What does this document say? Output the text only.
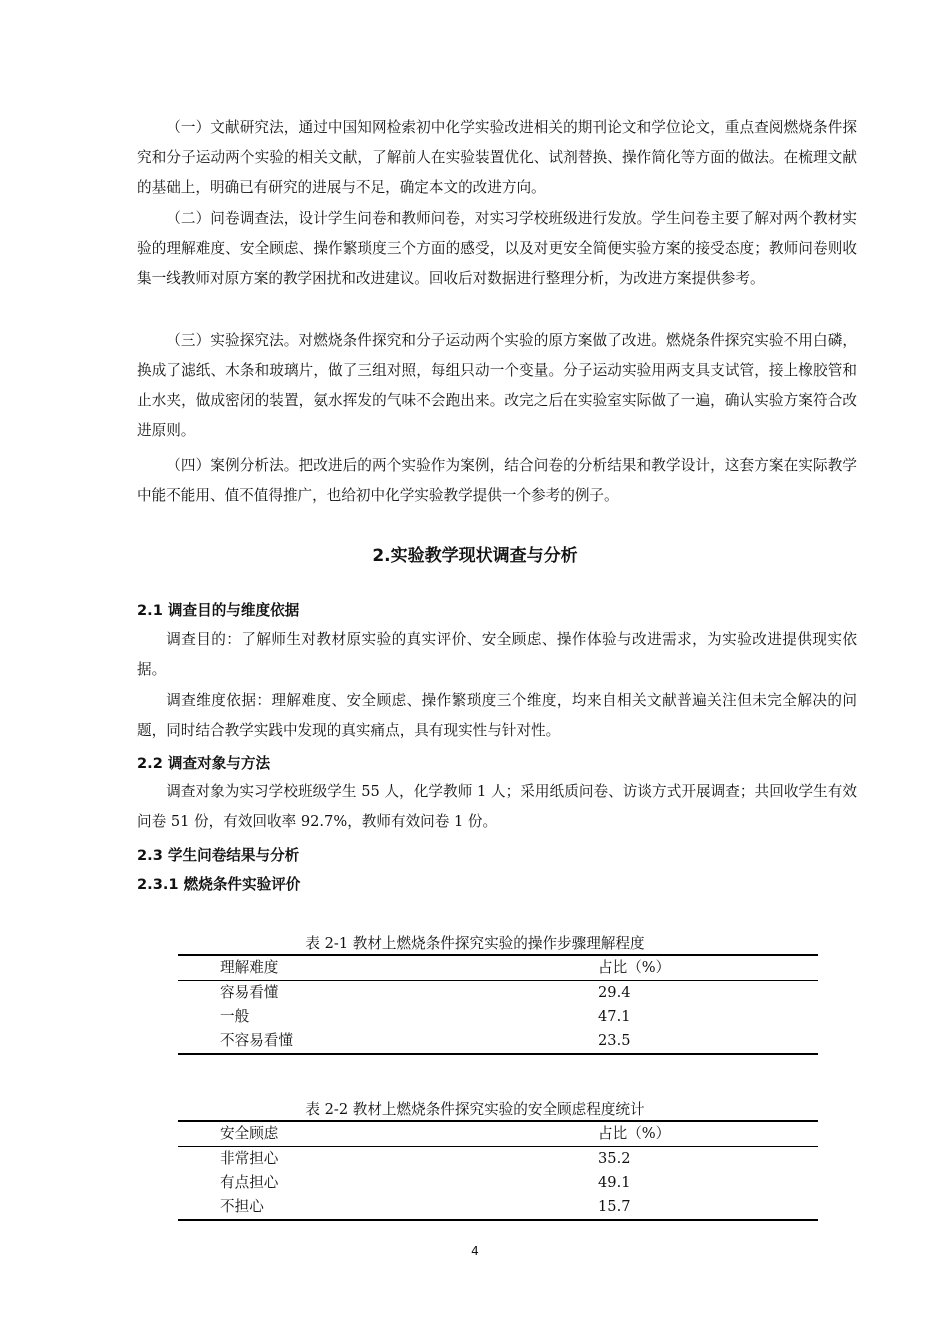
（一）文献研究法，通过中国知网检索初中化学实验改进相关的期刊论文和学位论文，重点查阅燃烧条件探究和分子运动两个实验的相关文献，了解前人在实验装置优化、试剂替换、操作简化等方面的做法。在梳理文献的基础上，明确已有研究的进展与不足，确定本文的改进方向。

（二）问卷调查法，设计学生问卷和教师问卷，对实习学校班级进行发放。学生问卷主要了解对两个教材实验的理解难度、安全顾虑、操作繁琐度三个方面的感受，以及对更安全简便实验方案的接受态度；教师问卷则收集一线教师对原方案的教学困扰和改进建议。回收后对数据进行整理分析，为改进方案提供参考。

（三）实验探究法。对燃烧条件探究和分子运动两个实验的原方案做了改进。燃烧条件探究实验不用白磷，换成了滤纸、木条和玻璃片，做了三组对照，每组只动一个变量。分子运动实验用两支具支试管，接上橡胶管和止水夹，做成密闭的装置，氨水挥发的气味不会跑出来。改完之后在实验室实际做了一遍，确认实验方案符合改进原则。

（四）案例分析法。把改进后的两个实验作为案例，结合问卷的分析结果和教学设计，这套方案在实际教学中能不能用、值不值得推广，也给初中化学实验教学提供一个参考的例子。

2.实验教学现状调查与分析
2.1 调查目的与维度依据

调查目的：了解师生对教材原实验的真实评价、安全顾虑、操作体验与改进需求，为实验改进提供现实依据。

调查维度依据：理解难度、安全顾虑、操作繁琐度三个维度，均来自相关文献普遍关注但未完全解决的问题，同时结合教学实践中发现的真实痛点，具有现实性与针对性。

2.2 调查对象与方法

调查对象为实习学校班级学生 55 人，化学教师 1 人；采用纸质问卷、访谈方式开展调查；共回收学生有效问卷 51 份，有效回收率 92.7%，教师有效问卷 1 份。

2.3 学生问卷结果与分析
2.3.1 燃烧条件实验评价

表 2-1 教材上燃烧条件探究实验的操作步骤理解程度

理解难度	占比（%）
容易看懂	29.4
一般	47.1
不容易看懂	23.5

表 2-2 教材上燃烧条件探究实验的安全顾虑程度统计

安全顾虑	占比（%）
非常担心	35.2
有点担心	49.1
不担心	15.7

4
